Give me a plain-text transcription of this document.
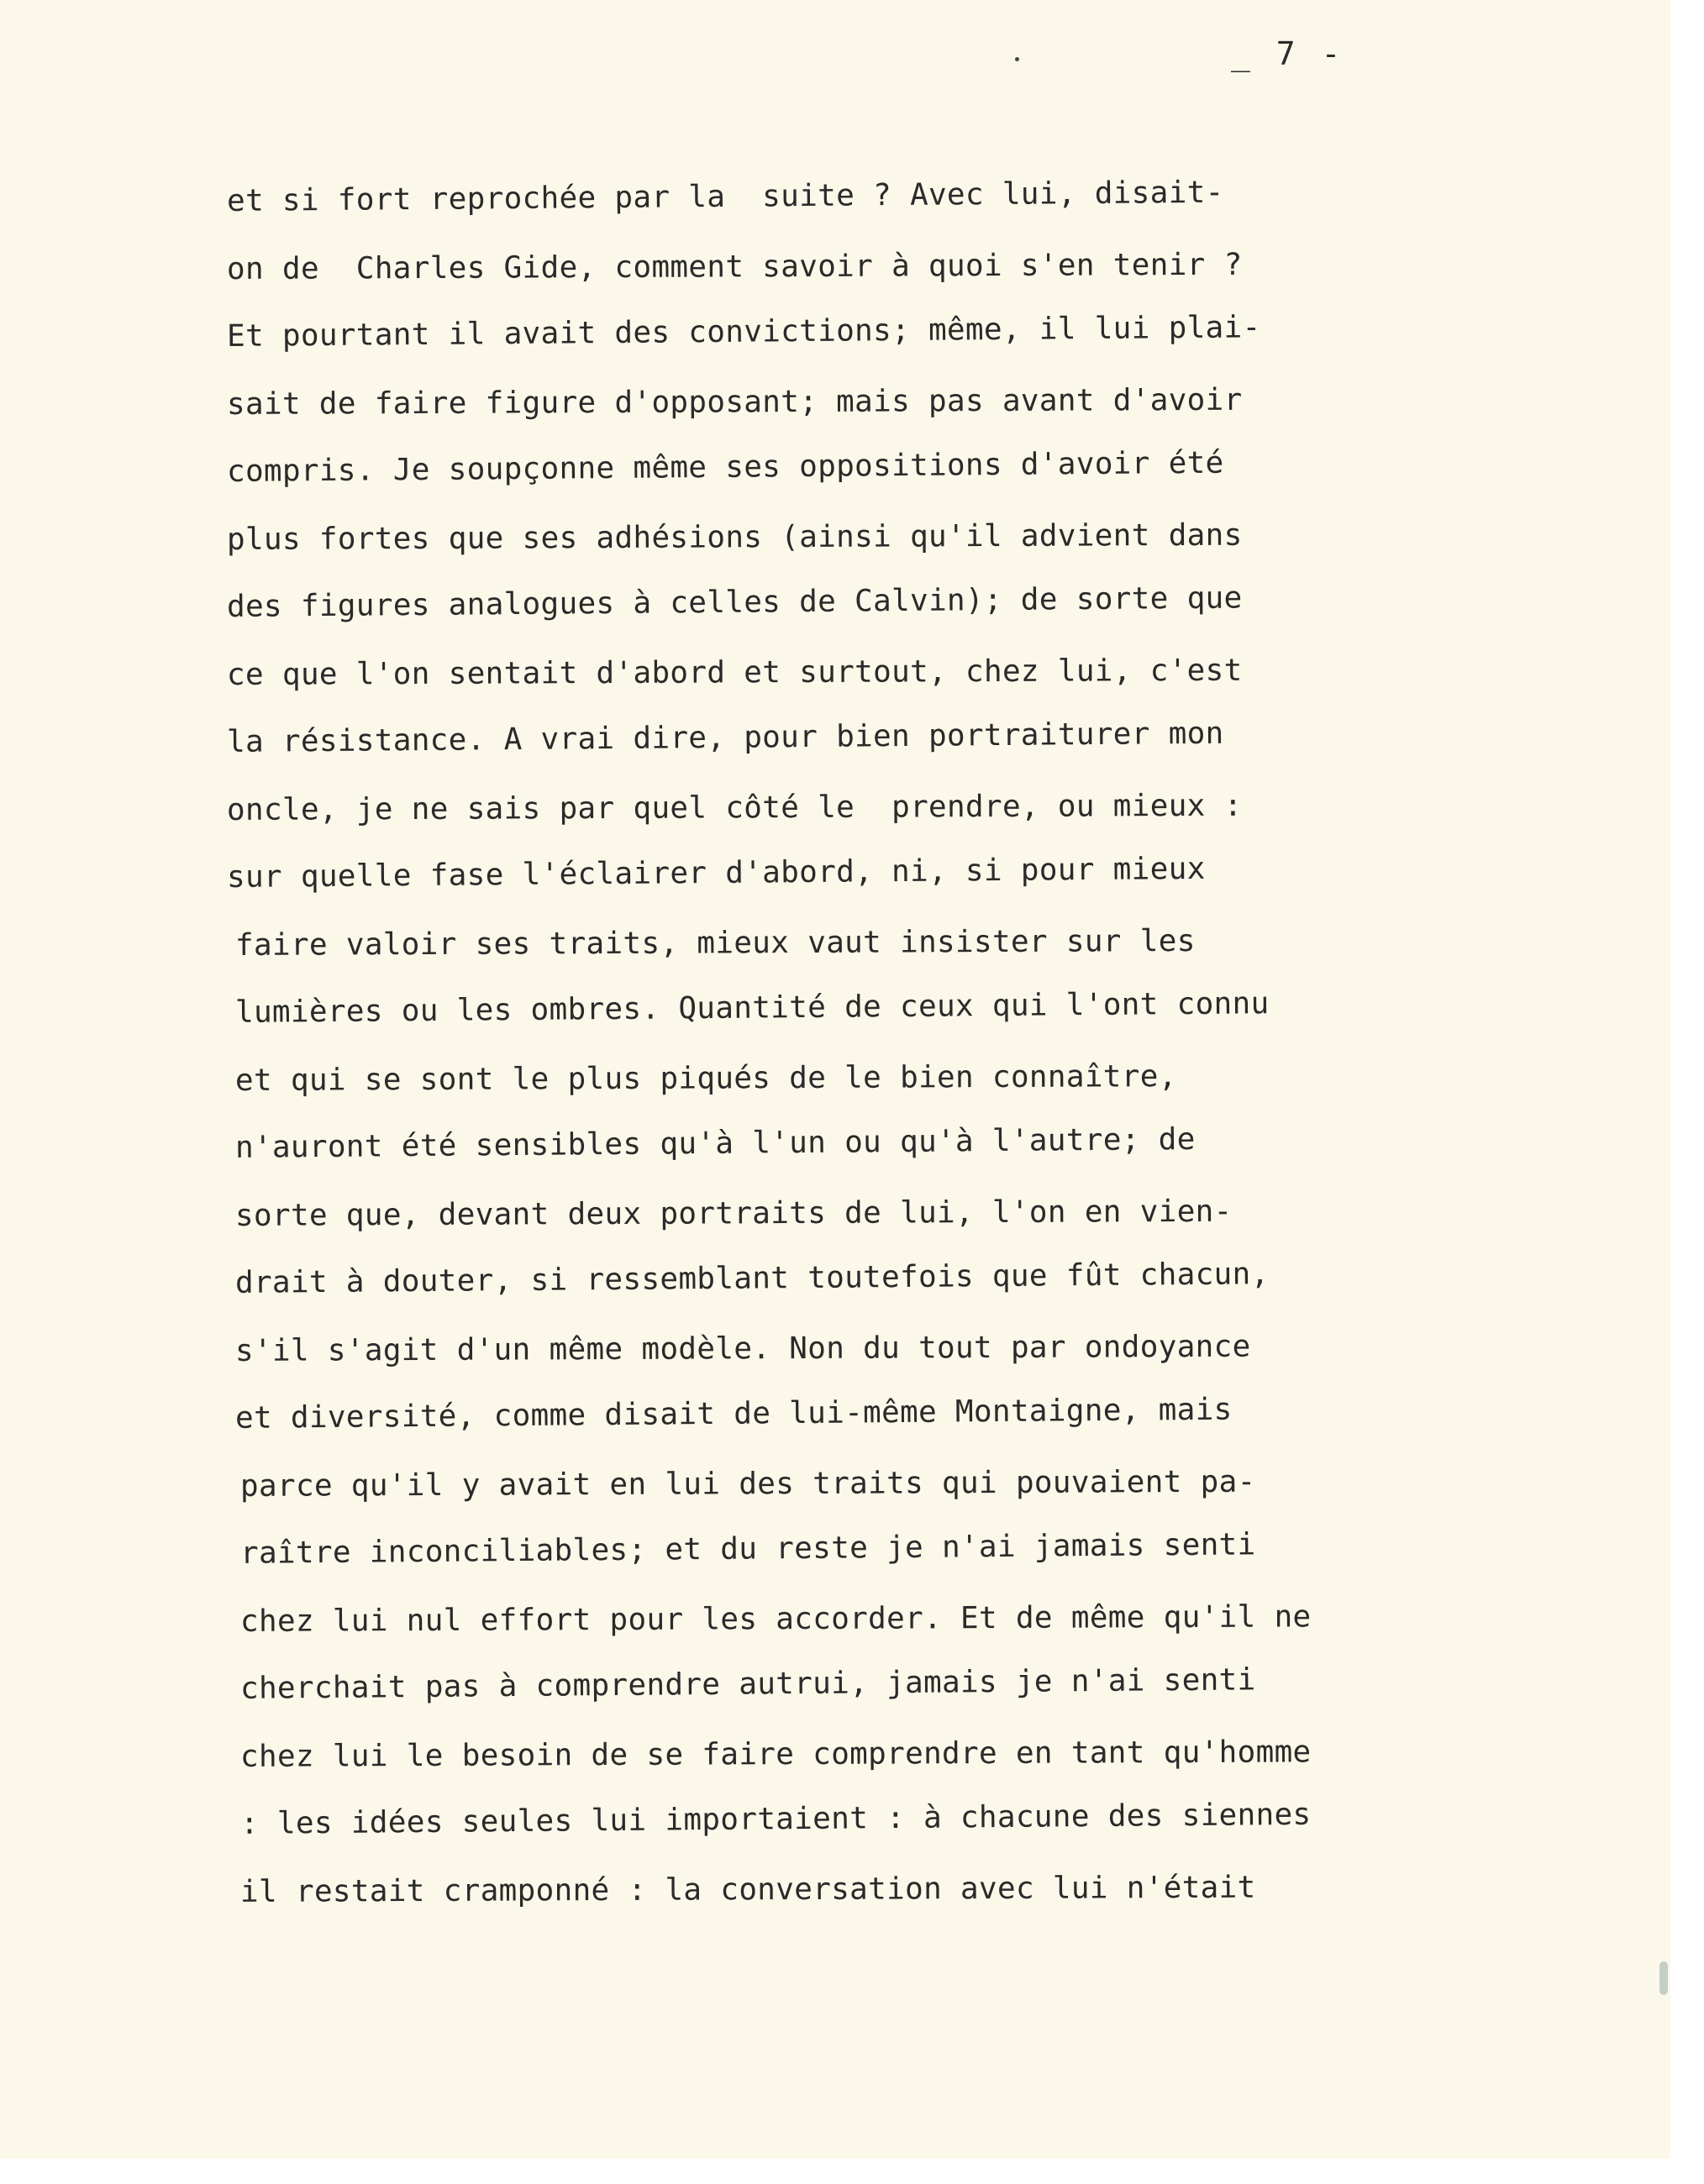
_ 7 -
et si fort reprochée par la  suite ? Avec lui, disait-
on de  Charles Gide, comment savoir à quoi s'en tenir ?
Et pourtant il avait des convictions; même, il lui plai-
sait de faire figure d'opposant; mais pas avant d'avoir
compris. Je soupçonne même ses oppositions d'avoir été
plus fortes que ses adhésions (ainsi qu'il advient dans
des figures analogues à celles de Calvin); de sorte que
ce que l'on sentait d'abord et surtout, chez lui, c'est
la résistance. A vrai dire, pour bien portraiturer mon
oncle, je ne sais par quel côté le  prendre, ou mieux :
sur quelle fase l'éclairer d'abord, ni, si pour mieux
faire valoir ses traits, mieux vaut insister sur les
lumières ou les ombres. Quantité de ceux qui l'ont connu
et qui se sont le plus piqués de le bien connaître,
n'auront été sensibles qu'à l'un ou qu'à l'autre; de
sorte que, devant deux portraits de lui, l'on en vien-
drait à douter, si ressemblant toutefois que fût chacun,
s'il s'agit d'un même modèle. Non du tout par ondoyance
et diversité, comme disait de lui-même Montaigne, mais
parce qu'il y avait en lui des traits qui pouvaient pa-
raître inconciliables; et du reste je n'ai jamais senti
chez lui nul effort pour les accorder. Et de même qu'il ne
cherchait pas à comprendre autrui, jamais je n'ai senti
chez lui le besoin de se faire comprendre en tant qu'homme
: les idées seules lui importaient : à chacune des siennes
il restait cramponné : la conversation avec lui n'était
